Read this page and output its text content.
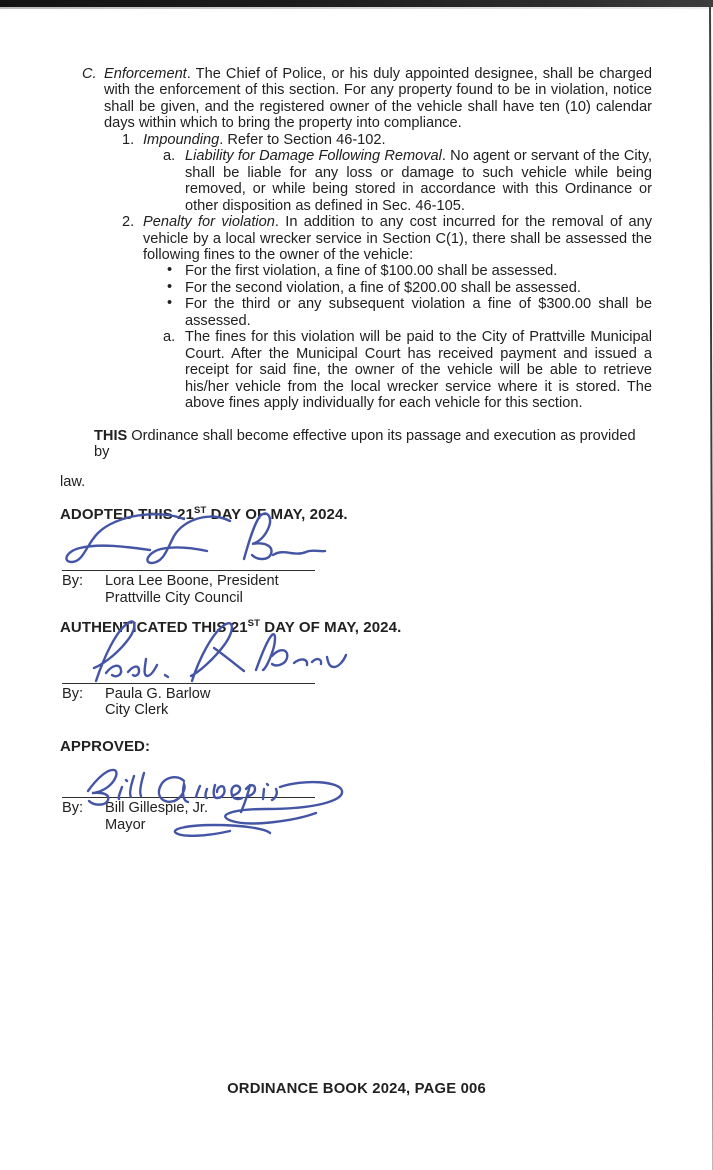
C. Enforcement. The Chief of Police, or his duly appointed designee, shall be charged with the enforcement of this section. For any property found to be in violation, notice shall be given, and the registered owner of the vehicle shall have ten (10) calendar days within which to bring the property into compliance.
1. Impounding. Refer to Section 46-102.
a. Liability for Damage Following Removal. No agent or servant of the City, shall be liable for any loss or damage to such vehicle while being removed, or while being stored in accordance with this Ordinance or other disposition as defined in Sec. 46-105.
2. Penalty for violation. In addition to any cost incurred for the removal of any vehicle by a local wrecker service in Section C(1), there shall be assessed the following fines to the owner of the vehicle:
• For the first violation, a fine of $100.00 shall be assessed.
• For the second violation, a fine of $200.00 shall be assessed.
• For the third or any subsequent violation a fine of $300.00 shall be assessed.
a. The fines for this violation will be paid to the City of Prattville Municipal Court. After the Municipal Court has received payment and issued a receipt for said fine, the owner of the vehicle will be able to retrieve his/her vehicle from the local wrecker service where it is stored. The above fines apply individually for each vehicle for this section.
THIS Ordinance shall become effective upon its passage and execution as provided by
law.
ADOPTED THIS 21ST DAY OF MAY, 2024.
By: Lora Lee Boone, President
Prattville City Council
AUTHENTICATED THIS 21ST DAY OF MAY, 2024.
By: Paula G. Barlow
City Clerk
APPROVED:
By: Bill Gillespie, Jr.
Mayor
ORDINANCE BOOK 2024, PAGE 006
